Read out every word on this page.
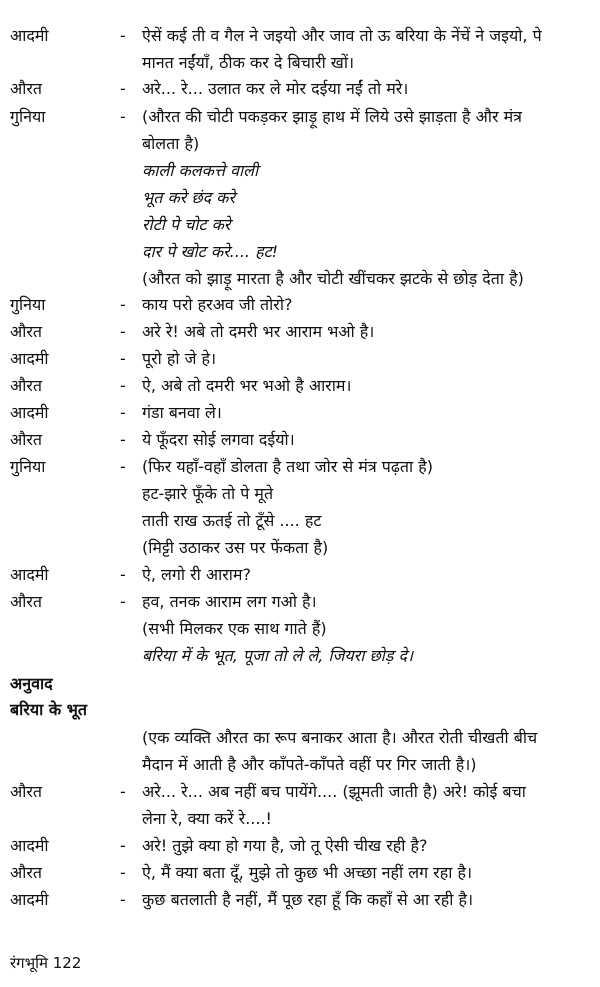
आदमी	- ऐसें कई ती व गैल ने जइयो और जाव तो ऊ बरिया के नेंचें ने जइयो, पे
मानत नईंयाँ, ठीक कर दे बिचारी खों।
औरत	- अरे... रे... उलात कर ले मोर दईया नईं तो मरे।
गुनिया	- (औरत की चोटी पकड़कर झाड़ू हाथ में लिये उसे झाड़ता है और मंत्र
बोलता है)
काली कलकत्ते वाली
भूत करे छंद करे
रोटी पे चोट करे
दार पे खोट करे.... हट!
(औरत को झाड़ू मारता है और चोटी खींचकर झटके से छोड़ देता है)
गुनिया	- काय परो हरअव जी तोरो?
औरत	- अरे रे! अबे तो दमरी भर आराम भओ है।
आदमी	- पूरो हो जे हे।
औरत	- ऐ, अबे तो दमरी भर भओ है आराम।
आदमी	- गंडा बनवा ले।
औरत	- ये फूँदरा सोई लगवा दईयो।
गुनिया	- (फिर यहाँ-वहाँ डोलता है तथा जोर से मंत्र पढ़ता है)
हट-झारे फूँके तो पे मूते
ताती राख ऊतई तो टूँसे .... हट
(मिट्टी उठाकर उस पर फेंकता है)
आदमी	- ऐ, लगो री आराम?
औरत	- हव, तनक आराम लग गओ है।
(सभी मिलकर एक साथ गाते हैं)
बरिया में के भूत, पूजा तो ले ले, जियरा छोड़ दे।
अनुवाद
बरिया के भूत
(एक व्यक्ति औरत का रूप बनाकर आता है। औरत रोती चीखती बीच
मैदान में आती है और काँपते-काँपते वहीं पर गिर जाती है।)
औरत	- अरे... रे... अब नहीं बच पायेंगे.... (झूमती जाती है) अरे! कोई बचा
लेना रे, क्या करें रे....!
आदमी	- अरे! तुझे क्या हो गया है, जो तू ऐसी चीख रही है?
औरत	- ऐ, मैं क्या बता दूँ, मुझे तो कुछ भी अच्छा नहीं लग रहा है।
आदमी	- कुछ बतलाती है नहीं, मैं पूछ रहा हूँ कि कहाँ से आ रही है।
रंगभूमि 122
